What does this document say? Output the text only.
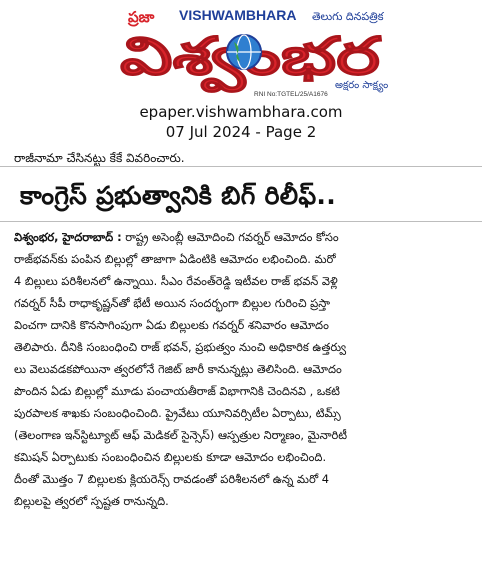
ప్రజా VISHWAMBHARA తెలుగు దినపత్రిక
విశ్వంభర	అక్షరం సాక్ష్యం
RNI No:TGTEL/25/A1676
epaper.vishwambhara.com
07 Jul 2024 - Page 2
రాజీనామా చేసినట్టు కేకే వివరించారు.
కాంగ్రెస్ ప్రభుత్వానికి బిగ్ రిలీఫ్..
విశ్వంభర, హైదరాబాద్ : రాష్ట్ర అసెంబ్లీ ఆమోదించి గవర్నర్ ఆమోదం కోసం
రాజ్‌భవన్‌కు పంపిన బిల్లుల్లో తాజాగా ఏడింటికి ఆమోదం లభించింది. మరో
4 బిల్లులు పరిశీలనలో ఉన్నాయి. సీఎం రేవంత్‌రెడ్డి ఇటీవల రాజ్ భవన్ వెళ్లి
గవర్నర్ సీపీ రాధాకృష్ణన్‌తో భేటీ అయిన సందర్భంగా బిల్లుల గురించి ప్రస్తా
వించగా దానికి కొనసాగింపుగా ఏడు బిల్లులకు గవర్నర్ శనివారం ఆమోదం
తెలిపారు. దీనికి సంబంధించి రాజ్ భవన్, ప్రభుత్వం నుంచి అధికారిక ఉత్తర్వు
లు వెలువడకపోయినా త్వరలోనే గెజిట్ జారీ కానున్నట్లు తెలిసింది. ఆమోదం
పొందిన ఏడు బిల్లుల్లో మూడు పంచాయతీరాజ్ విభాగానికి చెందినవి , ఒకటి
పురపాలక శాఖకు సంబంధించింది. ప్రైవేటు యూనివర్సిటీల ఏర్పాటు, టిమ్స్
(తెలంగాణ ఇన్‌స్టిట్యూట్ ఆఫ్ మెడికల్ సైన్సెస్) ఆస్పత్రుల నిర్మాణం, మైనారిటీ
కమిషన్ ఏర్పాటుకు సంబంధించిన బిల్లులకు కూడా ఆమోదం లభించింది.
దీంతో మొత్తం 7 బిల్లులకు క్లియరెన్స్ రావడంతో పరిశీలనలో ఉన్న మరో 4
బిల్లులపై త్వరలో స్పష్టత రానున్నది.
